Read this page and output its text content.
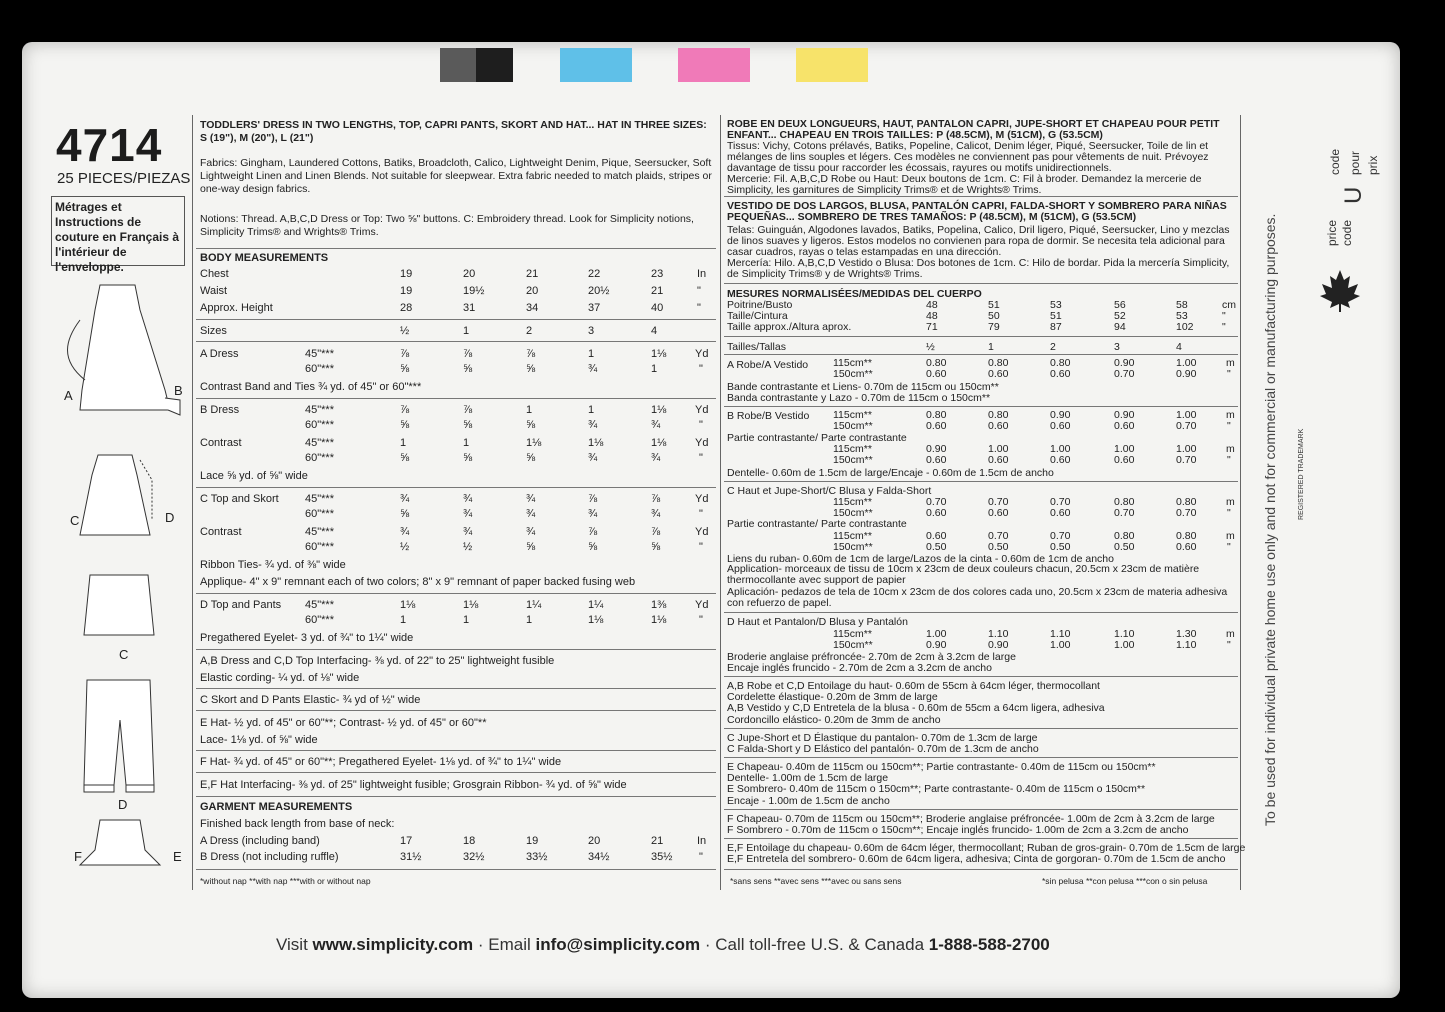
4714
25 PIECES/PIEZAS
Métrages et Instructions de couture en Français à l'intérieur de l'enveloppe.
A	B
C	D
C
D
F	E
TODDLERS' DRESS IN TWO LENGTHS, TOP, CAPRI PANTS, SKORT AND HAT... HAT IN THREE SIZES: S (19"), M (20"), L (21")
Fabrics: Gingham, Laundered Cottons, Batiks, Broadcloth, Calico, Lightweight Denim, Pique, Seersucker, Soft Lightweight Linen and Linen Blends. Not suitable for sleepwear. Extra fabric needed to match plaids, stripes or one-way design fabrics.
Notions: Thread. A,B,C,D Dress or Top: Two ⅝" buttons. C: Embroidery thread. Look for Simplicity notions, Simplicity Trims® and Wrights® Trims.
BODY MEASUREMENTS
Chest	19	20	21	22	23	In
Waist	19	19½	20	20½	21	"
Approx. Height	28	31	34	37	40	"
Sizes	½	1	2	3	4
A Dress	45"***	⅞	⅞	⅞	1	1⅛	Yd
60"***	⅝	⅝	⅝	¾	1	"
Contrast Band and Ties ¾ yd. of 45" or 60"***
B Dress	45"***	⅞	⅞	1	1	1⅛	Yd
60"***	⅝	⅝	⅝	¾	¾	"
Contrast	45"***	1	1	1⅛	1⅛	1⅛	Yd
60"***	⅝	⅝	⅝	¾	¾	"
Lace ⅝ yd. of ⅝" wide
C Top and Skort 45"***	¾	¾	¾	⅞	⅞	Yd
60"***	⅝	¾	¾	¾	¾	"
Contrast	45"***	¾	¾	¾	⅞	⅞	Yd
60"***	½	½	⅝	⅝	⅝	"
Ribbon Ties- ¾ yd. of ⅜" wide
Applique- 4" x 9" remnant each of two colors; 8" x 9" remnant of paper backed fusing web
D Top and Pants 45"***	1⅛	1⅛	1¼	1¼	1⅜	Yd
60"***	1	1	1	1⅛	1⅛	"
Pregathered Eyelet- 3 yd. of ¾" to 1¼" wide
A,B Dress and C,D Top Interfacing- ⅜ yd. of 22" to 25" lightweight fusible
Elastic cording- ¼ yd. of ⅛" wide
C Skort and D Pants Elastic- ¾ yd of ½" wide
E Hat- ½ yd. of 45" or 60"**; Contrast- ½ yd. of 45" or 60"**
Lace- 1⅛ yd. of ⅝" wide
F Hat- ¾ yd. of 45" or 60"**; Pregathered Eyelet- 1⅛ yd. of ¾" to 1¼" wide
E,F Hat Interfacing- ⅜ yd. of 25" lightweight fusible; Grosgrain Ribbon- ¾ yd. of ⅝" wide
GARMENT MEASUREMENTS
Finished back length from base of neck:
A Dress (including band)	17	18	19	20	21	In
B Dress (not including ruffle)	31½	32½	33½	34½	35½ "
*without nap **with nap ***with or without nap
ROBE EN DEUX LONGUEURS, HAUT, PANTALON CAPRI, JUPE-SHORT ET CHAPEAU POUR PETIT ENFANT... CHAPEAU EN TROIS TAILLES: P (48.5CM), M (51CM), G (53.5CM)
Tissus: Vichy, Cotons prélavés, Batiks, Popeline, Calicot, Denim léger, Piqué, Seersucker, Toile de lin et mélanges de lins souples et légers. Ces modèles ne conviennent pas pour vêtements de nuit. Prévoyez davantage de tissu pour raccorder les écossais, rayures ou motifs unidirectionnels.
Mercerie: Fil. A,B,C,D Robe ou Haut: Deux boutons de 1cm. C: Fil à broder. Demandez la mercerie de Simplicity, les garnitures de Simplicity Trims® et de Wrights® Trims.
VESTIDO DE DOS LARGOS, BLUSA, PANTALÓN CAPRI, FALDA-SHORT Y SOMBRERO PARA NIÑAS PEQUEÑAS... SOMBRERO DE TRES TAMAÑOS: P (48.5CM), M (51CM), G (53.5CM)
Telas: Guinguán, Algodones lavados, Batiks, Popelina, Calico, Dril ligero, Piqué, Seersucker, Lino y mezclas de linos suaves y ligeros. Estos modelos no convienen para ropa de dormir. Se necesita tela adicional para casar cuadros, rayas o telas estampadas en una dirección.
Mercería: Hilo. A,B,C,D Vestido o Blusa: Dos botones de 1cm. C: Hilo de bordar. Pida la mercería Simplicity, de Simplicity Trims® y de Wrights® Trims.
MESURES NORMALISÉES/MEDIDAS DEL CUERPO
Poitrine/Busto	48	51	53	56	58	cm
Taille/Cintura	48	50	51	52	53	"
Taille approx./Altura aprox.	71	79	87	94	102	"
Tailles/Tallas	½	1	2	3	4
A Robe/A Vestido 115cm**	0.80	0.80	0.80	0.90	1.00	m
150cm**	0.60	0.60	0.60	0.70	0.90	"
Bande contrastante et Liens- 0.70m de 115cm ou 150cm**
Banda contrastante y Lazo - 0.70m de 115cm o 150cm**
B Robe/B Vestido 115cm**	0.80	0.80	0.90	0.90	1.00	m
150cm**	0.60	0.60	0.60	0.60	0.70	"
Partie contrastante/ Parte contrastante
115cm**	0.90	1.00	1.00	1.00	1.00	m
150cm**	0.60	0.60	0.60	0.60	0.70	"
Dentelle- 0.60m de 1.5cm de large/Encaje - 0.60m de 1.5cm de ancho
C Haut et Jupe-Short/C Blusa y Falda-Short
115cm**	0.70	0.70	0.70	0.80	0.80	m
150cm**	0.60	0.60	0.60	0.70	0.70	"
Partie contrastante/ Parte contrastante
115cm**	0.60	0.70	0.70	0.80	0.80	m
150cm**	0.50	0.50	0.50	0.50	0.60	"
Liens du ruban- 0.60m de 1cm de large/Lazos de la cinta - 0.60m de 1cm de ancho
Application- morceaux de tissu de 10cm x 23cm de deux couleurs chacun, 20.5cm x 23cm de matière thermocollante avec support de papier
Aplicación- pedazos de tela de 10cm x 23cm de dos colores cada uno, 20.5cm x 23cm de materia adhesiva con refuerzo de papel.
D Haut et Pantalon/D Blusa y Pantalón
115cm**	1.00	1.10	1.10	1.10	1.30	m
150cm**	0.90	0.90	1.00	1.00	1.10	"
Broderie anglaise préfroncée- 2.70m de 2cm à 3.2cm de large
Encaje inglés fruncido - 2.70m de 2cm a 3.2cm de ancho
A,B Robe et C,D Entoilage du haut- 0.60m de 55cm à 64cm léger, thermocollant
Cordelette élastique- 0.20m de 3mm de large
A,B Vestido y C,D Entretela de la blusa - 0.60m de 55cm a 64cm ligera, adhesiva
Cordoncillo elástico- 0.20m de 3mm de ancho
C Jupe-Short et D Élastique du pantalon- 0.70m de 1.3cm de large
C Falda-Short y D Elástico del pantalón- 0.70m de 1.3cm de ancho
E Chapeau- 0.40m de 115cm ou 150cm**; Partie contrastante- 0.40m de 115cm ou 150cm**
Dentelle- 1.00m de 1.5cm de large
E Sombrero- 0.40m de 115cm o 150cm**; Parte contrastante- 0.40m de 115cm o 150cm**
Encaje - 1.00m de 1.5cm de ancho
F Chapeau- 0.70m de 115cm ou 150cm**; Broderie anglaise préfroncée- 1.00m de 2cm à 3.2cm de large
F Sombrero - 0.70m de 115cm o 150cm**; Encaje inglés fruncido- 1.00m de 2cm a 3.2cm de ancho
E,F Entoilage du chapeau- 0.60m de 64cm léger, thermocollant; Ruban de gros-grain- 0.70m de 1.5cm de large
E,F Entretela del sombrero- 0.60m de 64cm ligera, adhesiva; Cinta de gorgoran- 0.70m de 1.5cm de ancho
*sans sens **avec sens ***avec ou sans sens	*sin pelusa **con pelusa ***con o sin pelusa
To be used for individual private home use only and not for commercial or manufacturing purposes.	price code
U
code pour prix
REGISTERED TRADEMARK
Visit www.simplicity.com · Email info@simplicity.com · Call toll-free U.S. & Canada 1-888-588-2700
